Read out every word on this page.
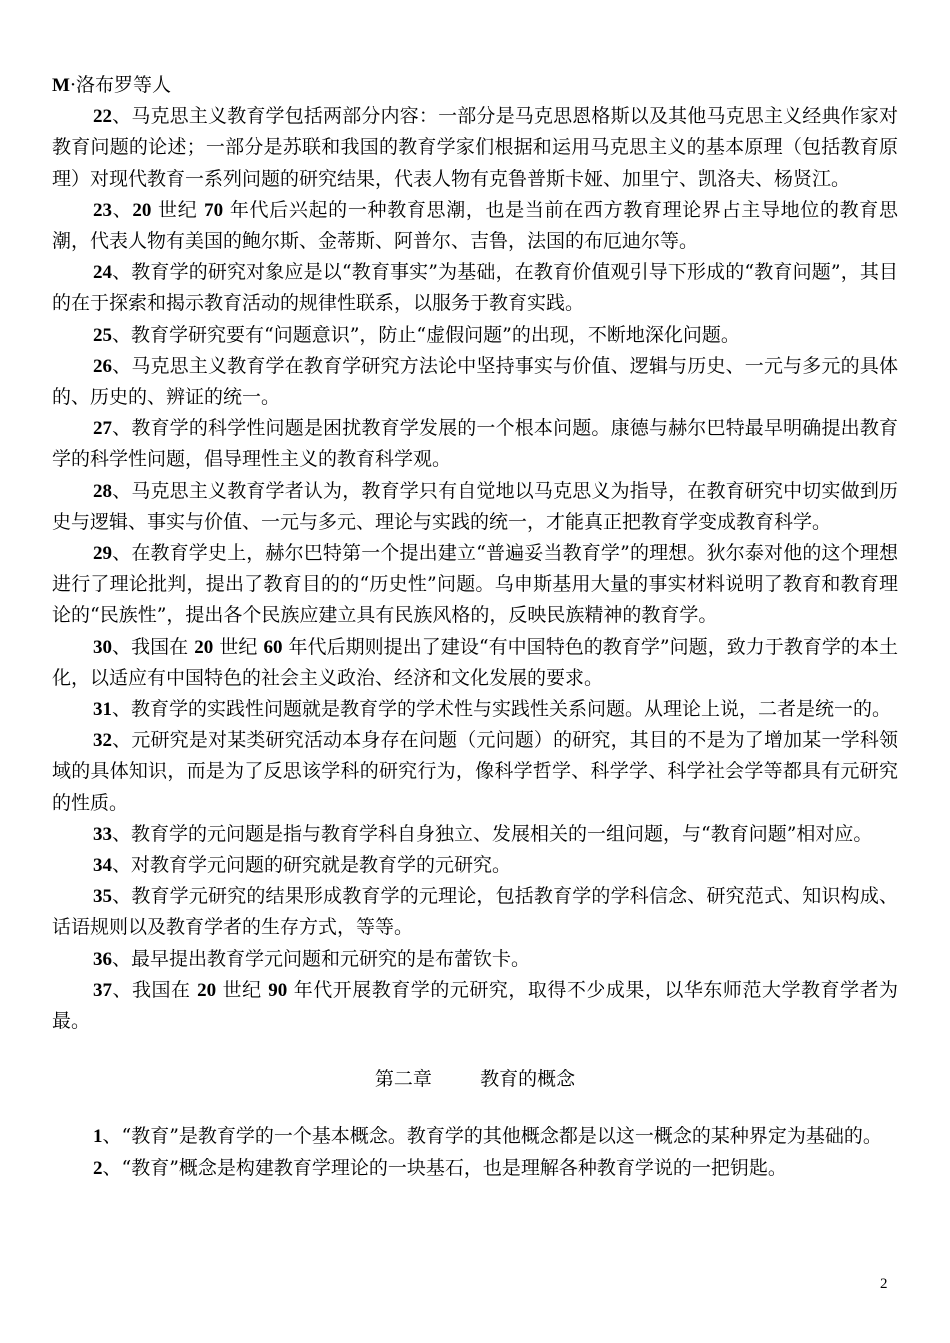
M·洛布罗等人

22、马克思主义教育学包括两部分内容：一部分是马克思恩格斯以及其他马克思主义经典作家对教育问题的论述；一部分是苏联和我国的教育学家们根据和运用马克思主义的基本原理（包括教育原理）对现代教育一系列问题的研究结果，代表人物有克鲁普斯卡娅、加里宁、凯洛夫、杨贤江。

23、20 世纪 70 年代后兴起的一种教育思潮，也是当前在西方教育理论界占主导地位的教育思潮，代表人物有美国的鲍尔斯、金蒂斯、阿普尔、吉鲁，法国的布厄迪尔等。

24、教育学的研究对象应是以“教育事实”为基础，在教育价值观引导下形成的“教育问题”，其目的在于探索和揭示教育活动的规律性联系，以服务于教育实践。

25、教育学研究要有“问题意识”，防止“虚假问题”的出现，不断地深化问题。

26、马克思主义教育学在教育学研究方法论中坚持事实与价值、逻辑与历史、一元与多元的具体的、历史的、辨证的统一。

27、教育学的科学性问题是困扰教育学发展的一个根本问题。康德与赫尔巴特最早明确提出教育学的科学性问题，倡导理性主义的教育科学观。

28、马克思主义教育学者认为，教育学只有自觉地以马克思义为指导，在教育研究中切实做到历史与逻辑、事实与价值、一元与多元、理论与实践的统一，才能真正把教育学变成教育科学。

29、在教育学史上，赫尔巴特第一个提出建立“普遍妥当教育学”的理想。狄尔泰对他的这个理想进行了理论批判，提出了教育目的的“历史性”问题。乌申斯基用大量的事实材料说明了教育和教育理论的“民族性”，提出各个民族应建立具有民族风格的，反映民族精神的教育学。

30、我国在 20 世纪 60 年代后期则提出了建设“有中国特色的教育学”问题，致力于教育学的本土化，以适应有中国特色的社会主义政治、经济和文化发展的要求。

31、教育学的实践性问题就是教育学的学术性与实践性关系问题。从理论上说，二者是统一的。

32、元研究是对某类研究活动本身存在问题（元问题）的研究，其目的不是为了增加某一学科领域的具体知识，而是为了反思该学科的研究行为，像科学哲学、科学学、科学社会学等都具有元研究的性质。

33、教育学的元问题是指与教育学科自身独立、发展相关的一组问题，与“教育问题”相对应。

34、对教育学元问题的研究就是教育学的元研究。

35、教育学元研究的结果形成教育学的元理论，包括教育学的学科信念、研究范式、知识构成、话语规则以及教育学者的生存方式，等等。

36、最早提出教育学元问题和元研究的是布蕾钦卡。

37、我国在 20 世纪 90 年代开展教育学的元研究，取得不少成果，以华东师范大学教育学者为最。

第二章	教育的概念

1、“教育”是教育学的一个基本概念。教育学的其他概念都是以这一概念的某种界定为基础的。

2、“教育”概念是构建教育学理论的一块基石，也是理解各种教育学说的一把钥匙。

2
